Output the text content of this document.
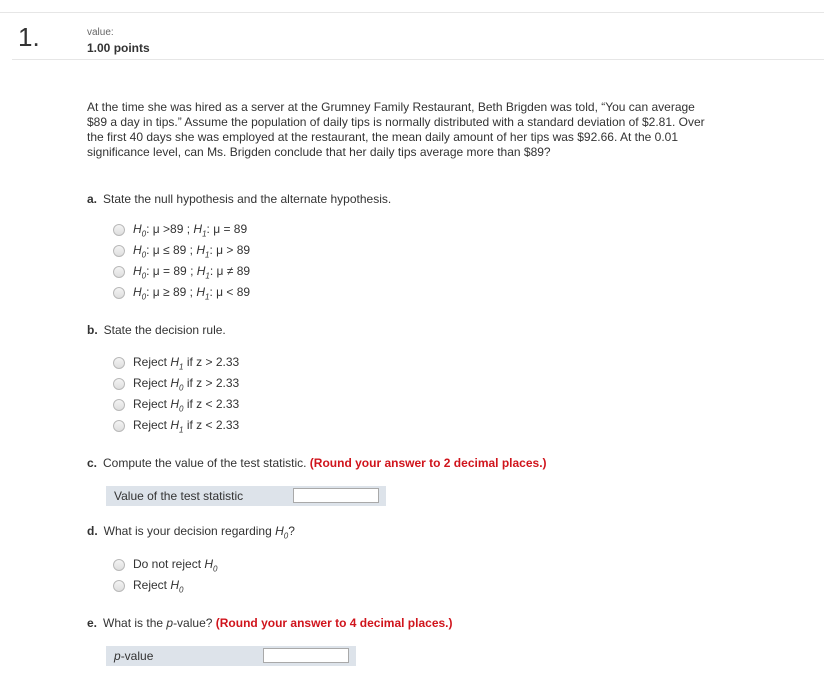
1.	value:
1.00 points
At the time she was hired as a server at the Grumney Family Restaurant, Beth Brigden was told, “You can average $89 a day in tips.” Assume the population of daily tips is normally distributed with a standard deviation of $2.81. Over the first 40 days she was employed at the restaurant, the mean daily amount of her tips was $92.66. At the 0.01 significance level, can Ms. Brigden conclude that her daily tips average more than $89?
a. State the null hypothesis and the alternate hypothesis.
$H_0$: μ >89 ; $H_1$: μ = 89
$H_0$: μ ≤ 89 ; $H_1$: μ > 89
$H_0$: μ = 89 ; $H_1$: μ ≠ 89
$H_0$: μ ≥ 89 ; $H_1$: μ < 89
b. State the decision rule.
Reject $H_1$ if z > 2.33
Reject $H_0$ if z > 2.33
Reject $H_0$ if z < 2.33
Reject $H_1$ if z < 2.33
c. Compute the value of the test statistic. (Round your answer to 2 decimal places.)
Value of the test statistic
d. What is your decision regarding $H_0$?
Do not reject $H_0$
Reject $H_0$
e. What is the p-value? (Round your answer to 4 decimal places.)
p-value
